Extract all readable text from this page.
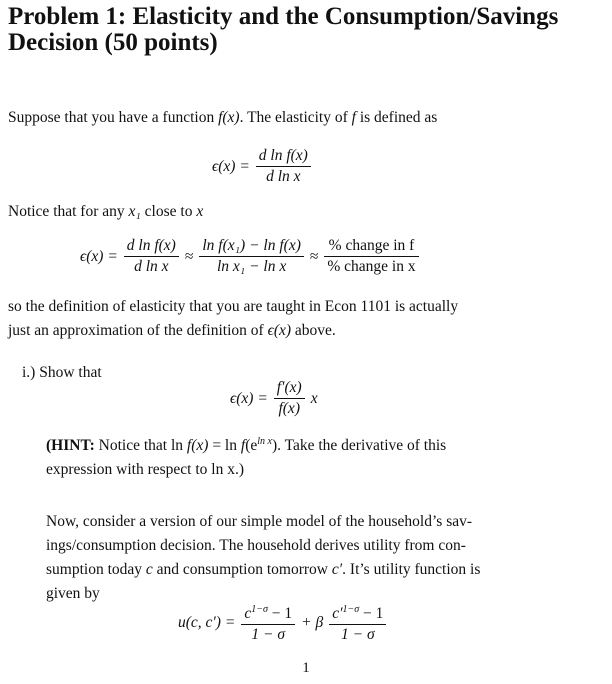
Problem 1: Elasticity and the Consumption/Savings
Decision (50 points)

Suppose that you have a function f(x). The elasticity of f is defined as

$\epsilon(x) = \frac{\text{d ln f(x)}}{\text{d ln x}}$

Notice that for any x₁ close to x

$\epsilon(x) = \frac{\text{d ln f(x)}}{\text{d ln x}} \approx \frac{\text{ln f(x₁) − ln f(x)}}{\text{ln x₁ − ln x}} \approx \frac{\text{\% change in f}}{\text{\% change in x}}$

so the definition of elasticity that you are taught in Econ 1101 is actually
just an approximation of the definition of ϵ(x) above.

i.) Show that

$\epsilon(x) = \frac{f'(x)}{f(x)}$ x

(HINT: Notice that $\ln f(x) = \ln f(e^{ln x})$. Take the derivative of this
expression with respect to ln x.)

Now, consider a version of our simple model of the household’s sav-
ings/consumption decision. The household derives utility from con-
sumption today c and consumption tomorrow c′. It’s utility function is
given by

u(c, $c') = \frac{c^{1-\sigma} - 1}{1 - \sigma} + \beta \frac{c'^{1-\sigma} - 1}{1 - \sigma}$
1
